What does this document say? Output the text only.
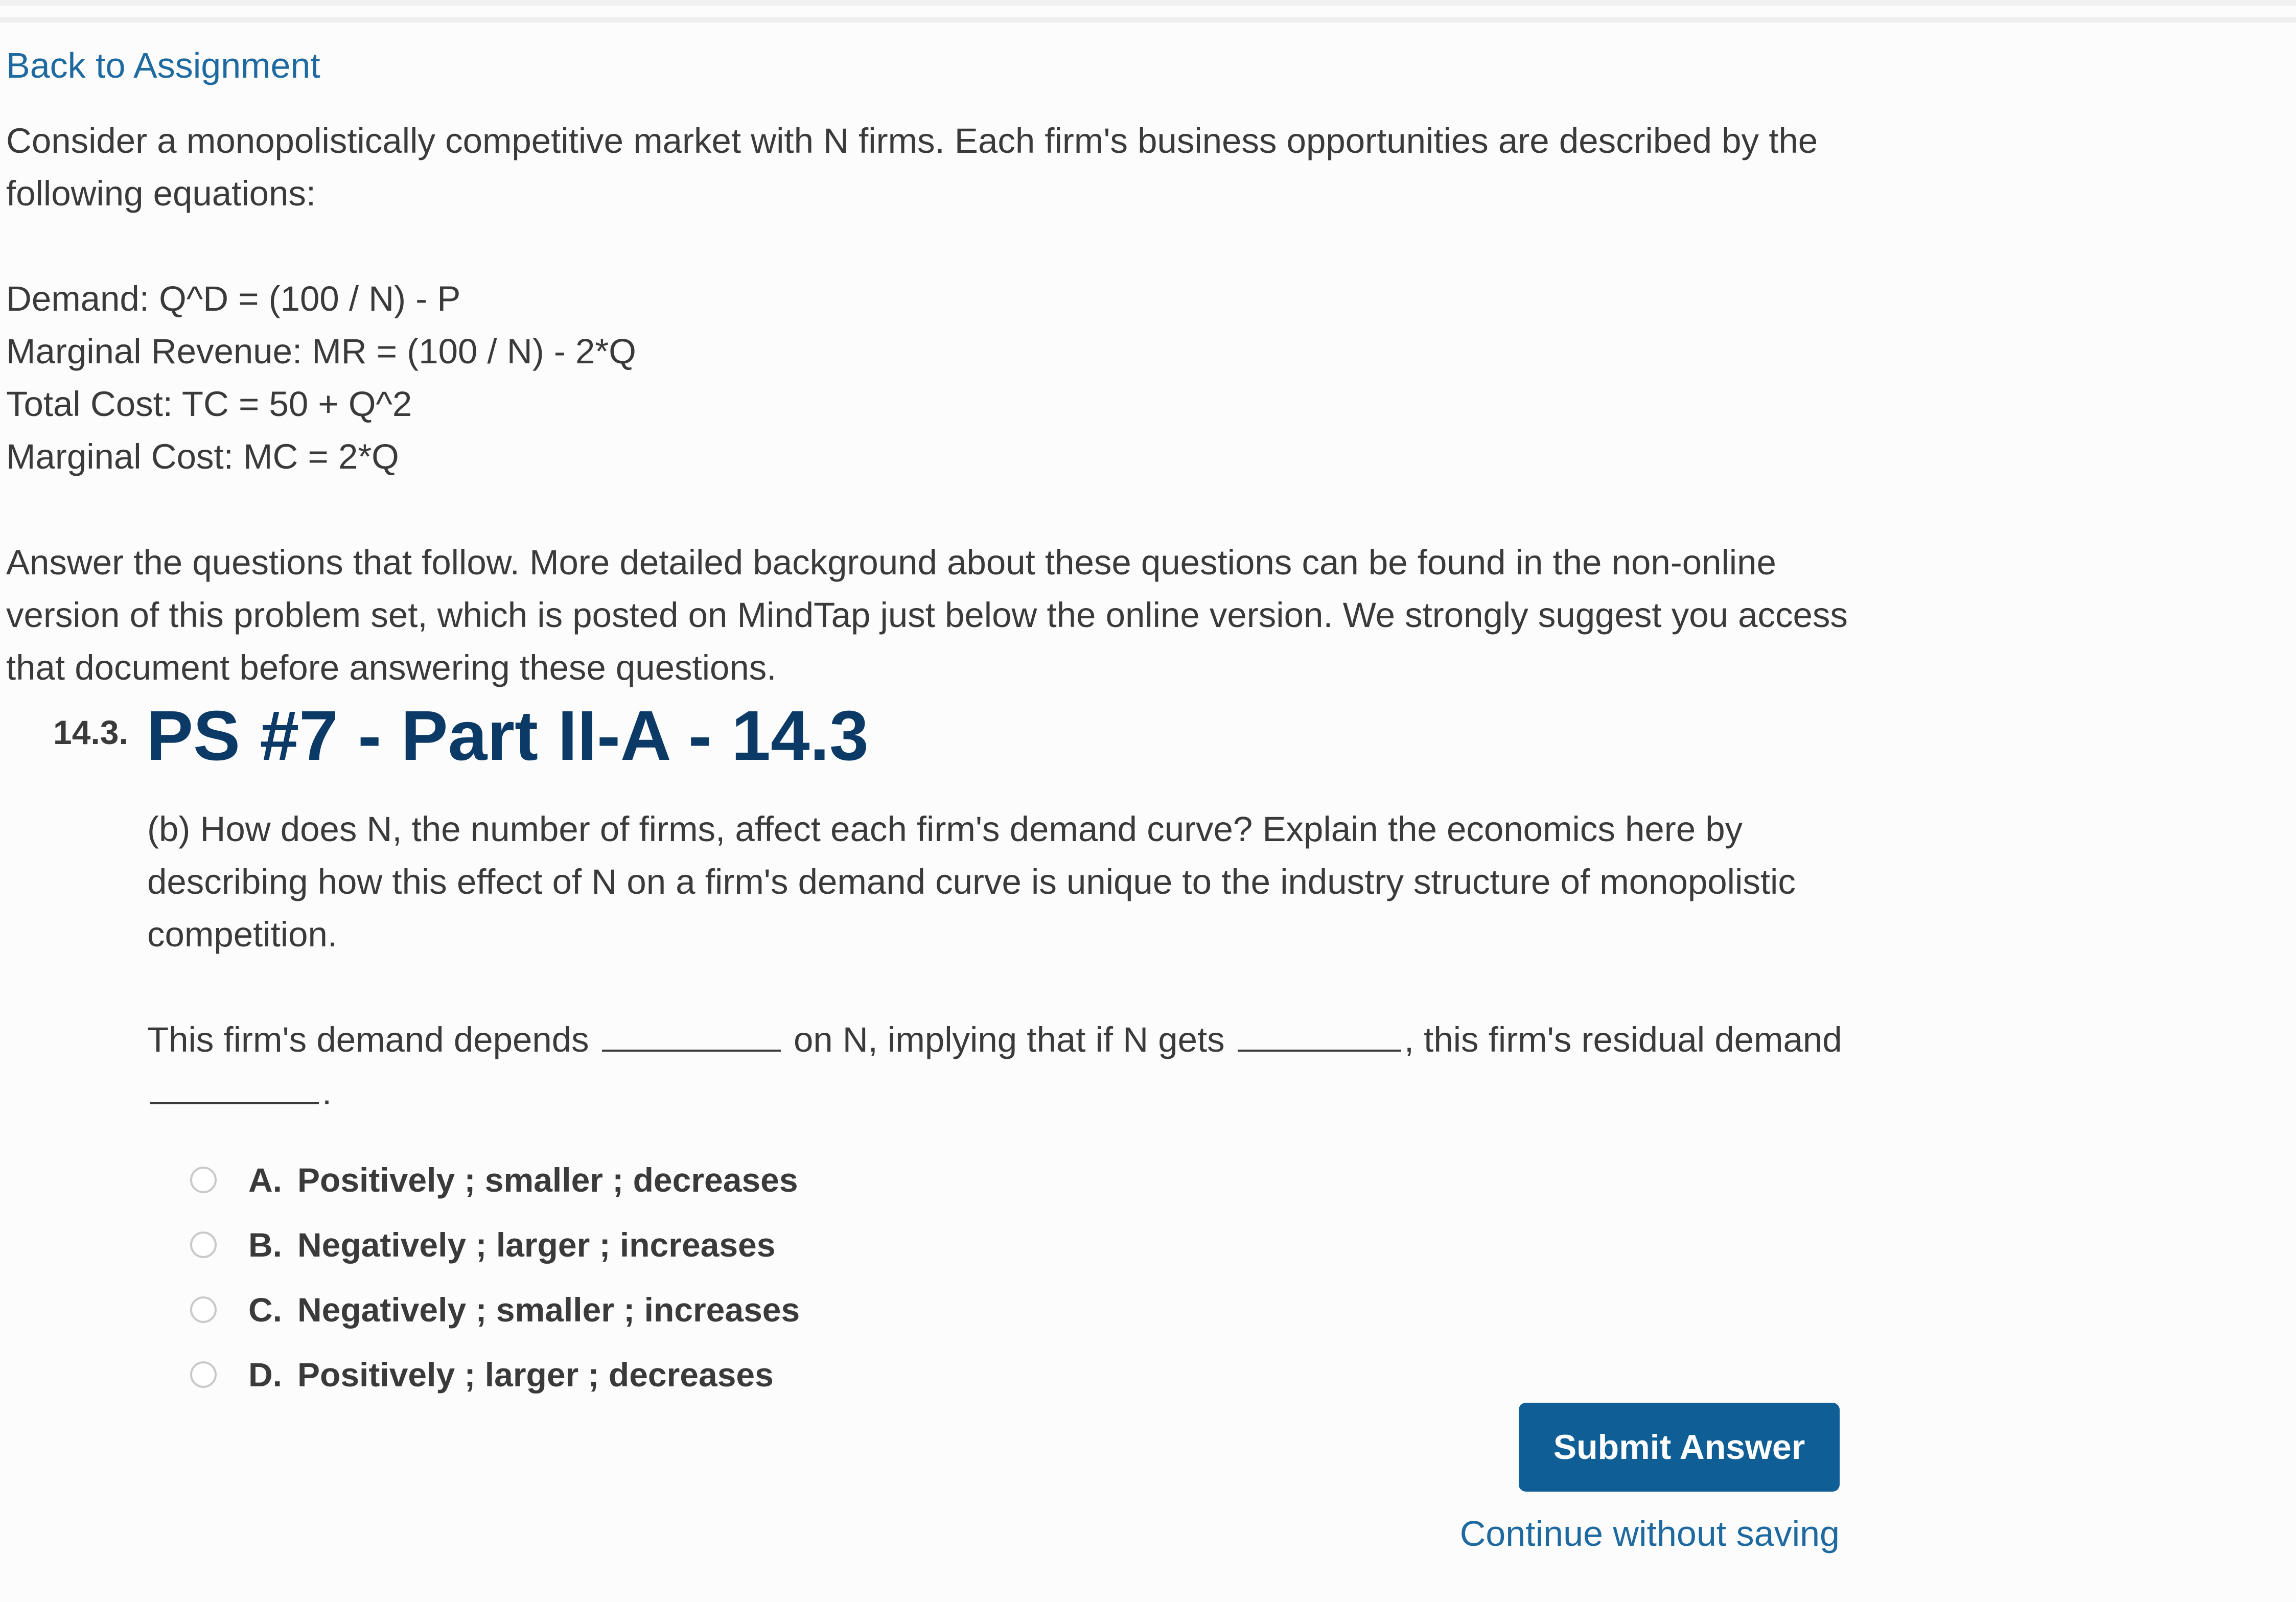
Back to Assignment

Consider a monopolistically competitive market with N firms. Each firm's business opportunities are described by the following equations:

Demand: Q^D = (100 / N) - P
Marginal Revenue: MR = (100 / N) - 2*Q
Total Cost: TC = 50 + Q^2
Marginal Cost: MC = 2*Q

Answer the questions that follow. More detailed background about these questions can be found in the non-online version of this problem set, which is posted on MindTap just below the online version. We strongly suggest you access that document before answering these questions.

14.3. PS #7 - Part II-A - 14.3

(b) How does N, the number of firms, affect each firm's demand curve? Explain the economics here by describing how this effect of N on a firm's demand curve is unique to the industry structure of monopolistic competition.

This firm's demand depends	on N, implying that if N gets	, this firm's residual demand .

A. Positively ; smaller ; decreases
B. Negatively ; larger ; increases
C. Negatively ; smaller ; increases
D. Positively ; larger ; decreases
Submit Answer
Continue without saving
